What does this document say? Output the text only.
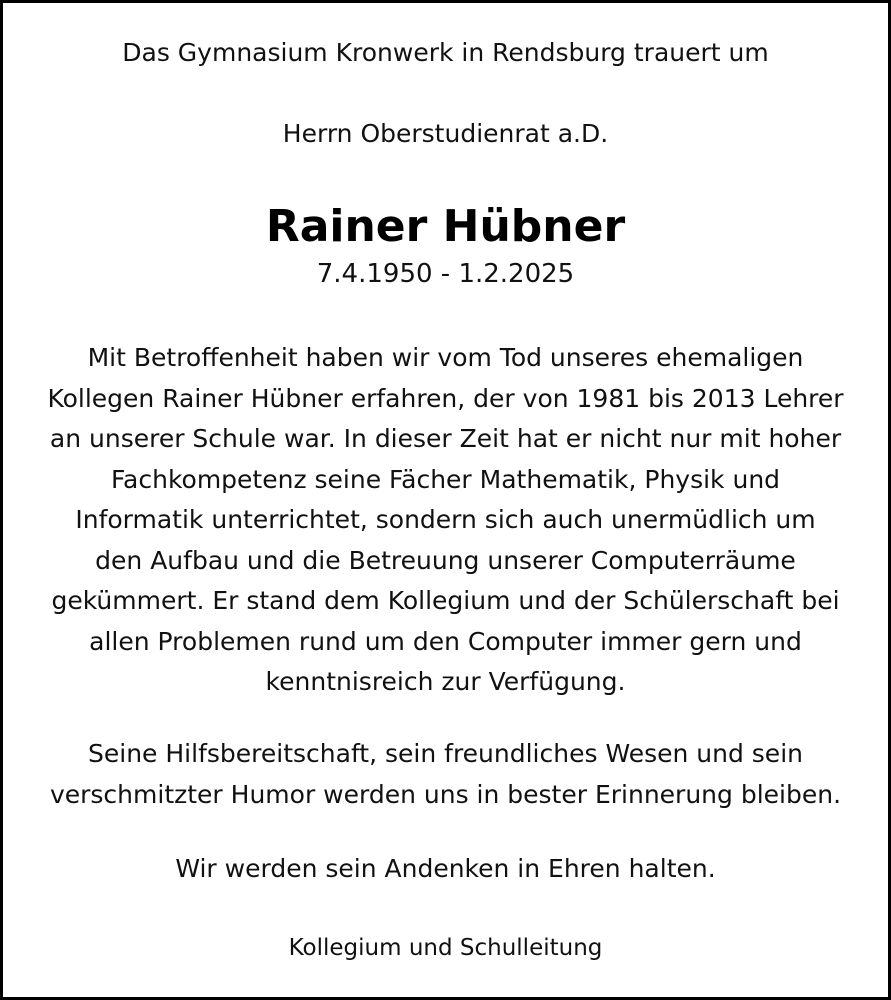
Das Gymnasium Kronwerk in Rendsburg trauert um

Herrn Oberstudienrat a.D.

Rainer Hübner

7.4.1950 - 1.2.2025

Mit Betroffenheit haben wir vom Tod unseres ehemaligen
Kollegen Rainer Hübner erfahren, der von 1981 bis 2013 Lehrer
an unserer Schule war. In dieser Zeit hat er nicht nur mit hoher
Fachkompetenz seine Fächer Mathematik, Physik und
Informatik unterrichtet, sondern sich auch unermüdlich um
den Aufbau und die Betreuung unserer Computerräume
gekümmert. Er stand dem Kollegium und der Schülerschaft bei
allen Problemen rund um den Computer immer gern und
kenntnisreich zur Verfügung.
Seine Hilfsbereitschaft, sein freundliches Wesen und sein
verschmitzter Humor werden uns in bester Erinnerung bleiben.

Wir werden sein Andenken in Ehren halten.

Kollegium und Schulleitung
